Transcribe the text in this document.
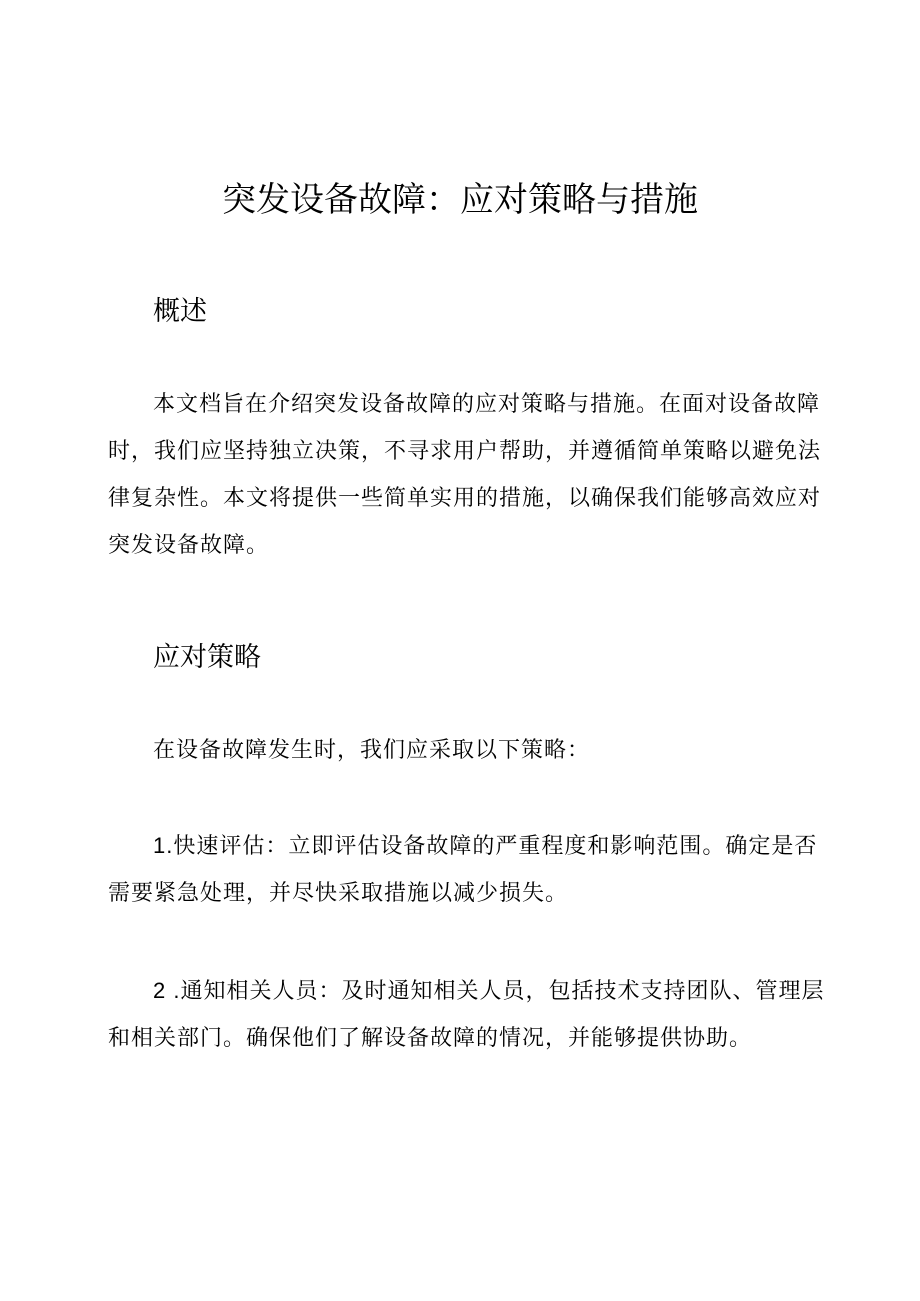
突发设备故障：应对策略与措施
概述

本文档旨在介绍突发设备故障的应对策略与措施。在面对设备故障时，我们应坚持独立决策，不寻求用户帮助，并遵循简单策略以避免法律复杂性。本文将提供一些简单实用的措施，以确保我们能够高效应对突发设备故障。

应对策略

在设备故障发生时，我们应采取以下策略：

1.快速评估：立即评估设备故障的严重程度和影响范围。确定是否需要紧急处理，并尽快采取措施以减少损失。

2 .通知相关人员：及时通知相关人员，包括技术支持团队、管理层和相关部门。确保他们了解设备故障的情况，并能够提供协助。
